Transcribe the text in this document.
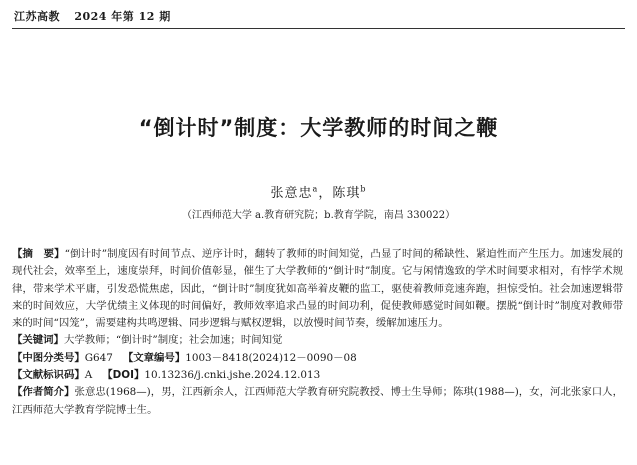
江苏高教 2024 年第 12 期
“倒计时”制度：大学教师的时间之鞭
张意忠$^a$，陈琪$^b$
（江西师范大学 a.教育研究院；b.教育学院，南昌 330022）

【摘　要】“倒计时”制度因有时间节点、逆序计时，翻转了教师的时间知觉，凸显了时间的稀缺性、紧迫性而产生压力。加速发展的现代社会，效率至上，速度崇拜，时间价值彰显，催生了大学教师的“倒计时”制度。它与闲情逸致的学术时间要求相对，有悖学术规律，带来学术平庸，引发恐慌焦虑，因此，“倒计时”制度犹如高举着皮鞭的监工，驱使着教师竞速奔跑，担惊受怕。社会加速逻辑带来的时间效应，大学优绩主义体现的时间偏好，教师效率追求凸显的时间功利，促使教师感觉时间如鞭。摆脱“倒计时”制度对教师带来的时间“囚笼”，需要建构共鸣逻辑、同步逻辑与赋权逻辑，以放慢时间节奏，缓解加速压力。

【关键词】大学教师；“倒计时”制度；社会加速；时间知觉

【中图分类号】G647 【文章编号】1003－8418(2024)12－0090－08

【文献标识码】A 【DOI】10.13236/j.cnki.jshe.2024.12.013

【作者简介】张意忠(1968—)，男，江西新余人，江西师范大学教育研究院教授、博士生导师；陈琪(1988—)，女，河北张家口人，江西师范大学教育学院博士生。
